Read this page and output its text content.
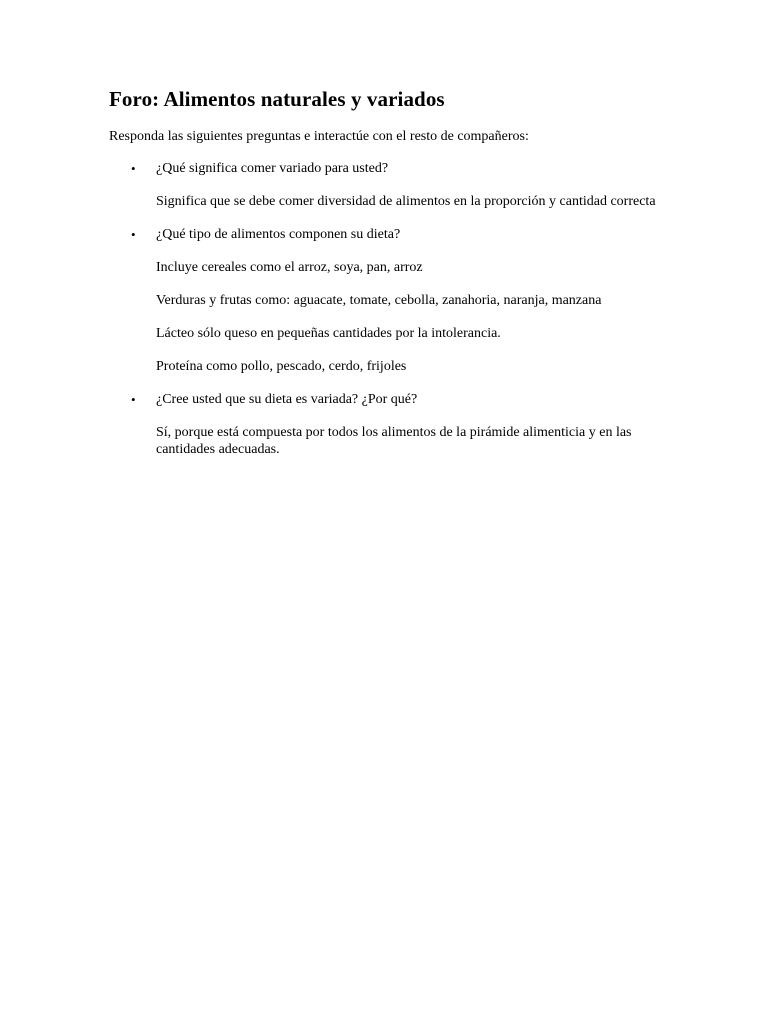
Foro: Alimentos naturales y variados

Responda las siguientes preguntas e interactúe con el resto de compañeros:

• ¿Qué significa comer variado para usted?

Significa que se debe comer diversidad de alimentos en la proporción y cantidad correcta

• ¿Qué tipo de alimentos componen su dieta?

Incluye cereales como el arroz, soya, pan, arroz

Verduras y frutas como: aguacate, tomate, cebolla, zanahoria, naranja, manzana

Lácteo sólo queso en pequeñas cantidades por la intolerancia.

Proteína como pollo, pescado, cerdo, frijoles

• ¿Cree usted que su dieta es variada? ¿Por qué?

Sí, porque está compuesta por todos los alimentos de la pirámide alimenticia y en las cantidades adecuadas.
